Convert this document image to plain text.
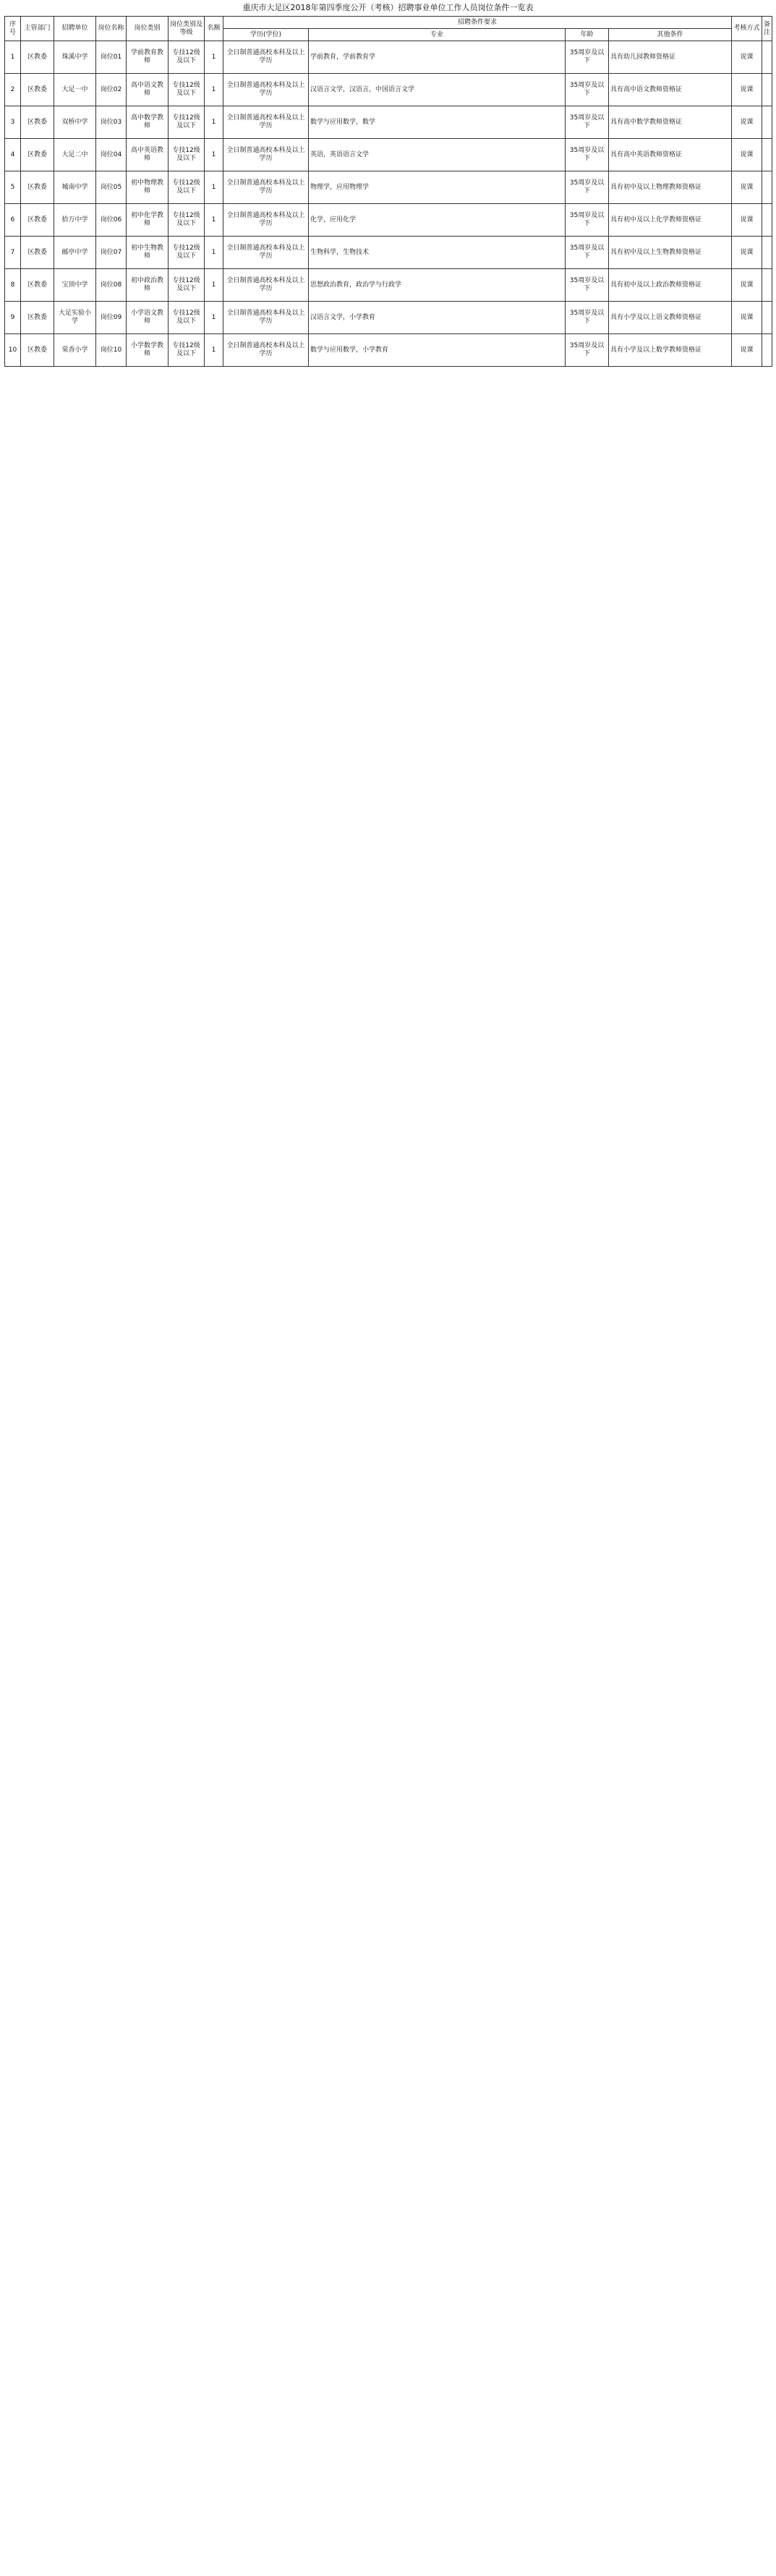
重庆市大足区2018年第四季度公开（考核）招聘事业单位工作人员岗位条件一览表
序号	主管部门	招聘单位	岗位名称	岗位类别	岗位类别及等级	名额	招聘条件要求				考核方式	备注
							学历(学位)	专业	年龄	其他条件		
1	区教委	珠溪中学	岗位01	学前教育教师	专技12级及以下	1	全日制普通高校本科及以上学历	学前教育，学前教育学	35周岁及以下	具有幼儿园教师资格证	说课	
2	区教委	大足一中	岗位02	高中语文教师	专技12级及以下	1	全日制普通高校本科及以上学历	汉语言文学，汉语言，中国语言文学	35周岁及以下	具有高中语文教师资格证	说课	
3	区教委	双桥中学	岗位03	高中数学教师	专技12级及以下	1	全日制普通高校本科及以上学历	数学与应用数学，数学	35周岁及以下	具有高中数学教师资格证	说课	
4	区教委	大足二中	岗位04	高中英语教师	专技12级及以下	1	全日制普通高校本科及以上学历	英语，英语语言文学	35周岁及以下	具有高中英语教师资格证	说课	
5	区教委	城南中学	岗位05	初中物理教师	专技12级及以下	1	全日制普通高校本科及以上学历	物理学，应用物理学	35周岁及以下	具有初中及以上物理教师资格证	说课	
6	区教委	拾万中学	岗位06	初中化学教师	专技12级及以下	1	全日制普通高校本科及以上学历	化学，应用化学	35周岁及以下	具有初中及以上化学教师资格证	说课	
7	区教委	邮亭中学	岗位07	初中生物教师	专技12级及以下	1	全日制普通高校本科及以上学历	生物科学，生物技术	35周岁及以下	具有初中及以上生物教师资格证	说课	
8	区教委	宝顶中学	岗位08	初中政治教师	专技12级及以下	1	全日制普通高校本科及以上学历	思想政治教育，政治学与行政学	35周岁及以下	具有初中及以上政治教师资格证	说课	
9	区教委	大足实验小学	岗位09	小学语文教师	专技12级及以下	1	全日制普通高校本科及以上学历	汉语言文学，小学教育	35周岁及以下	具有小学及以上语文教师资格证	说课	
10	区教委	棠香小学	岗位10	小学数学教师	专技12级及以下	1	全日制普通高校本科及以上学历	数学与应用数学，小学教育	35周岁及以下	具有小学及以上数学教师资格证	说课	
